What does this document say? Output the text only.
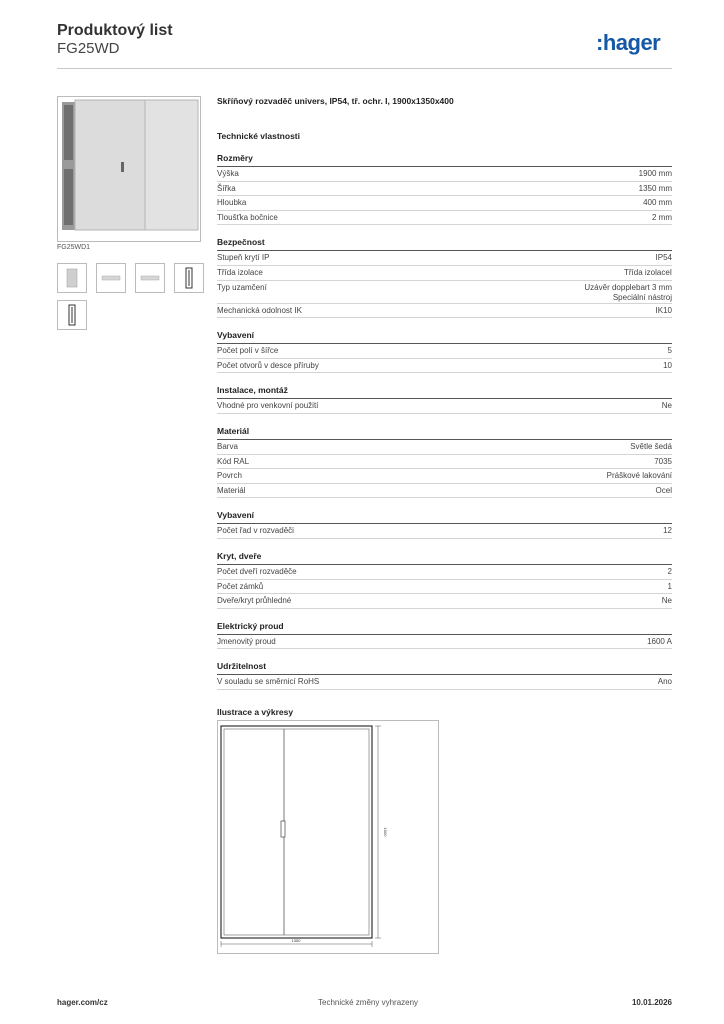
Produktový list
FG25WD	:hager
FG25WD1
Skříňový rozvaděč univers, IP54, tř. ochr. I, 1900x1350x400
Technické vlastnosti
Rozměry
Výška	1900 mm
Šířka	1350 mm
Hloubka	400 mm
Tloušťka bočnice	2 mm
Bezpečnost
Stupeň krytí IP	IP54
Třída izolace	Třída izolaceI
Typ uzamčení	Uzávěr dopplebart 3 mm
Speciální nástroj
Mechanická odolnost IK	IK10
Vybavení
Počet polí v šířce	5
Počet otvorů v desce příruby	10
Instalace, montáž
Vhodné pro venkovní použití	Ne
Materiál
Barva	Světle šedá
Kód RAL	7035
Povrch	Práškové lakování
Materiál	Ocel
Vybavení
Počet řad v rozvaděči	12
Kryt, dveře
Počet dveří rozvaděče	2
Počet zámků	1
Dveře/kryt průhledné	Ne
Elektrický proud
Jmenovitý proud	1600 A
Udržitelnost
V souladu se směrnicí RoHS	Ano
Ilustrace a výkresy
1900
1350
hager.com/cz	Technické změny vyhrazeny	10.01.2026
